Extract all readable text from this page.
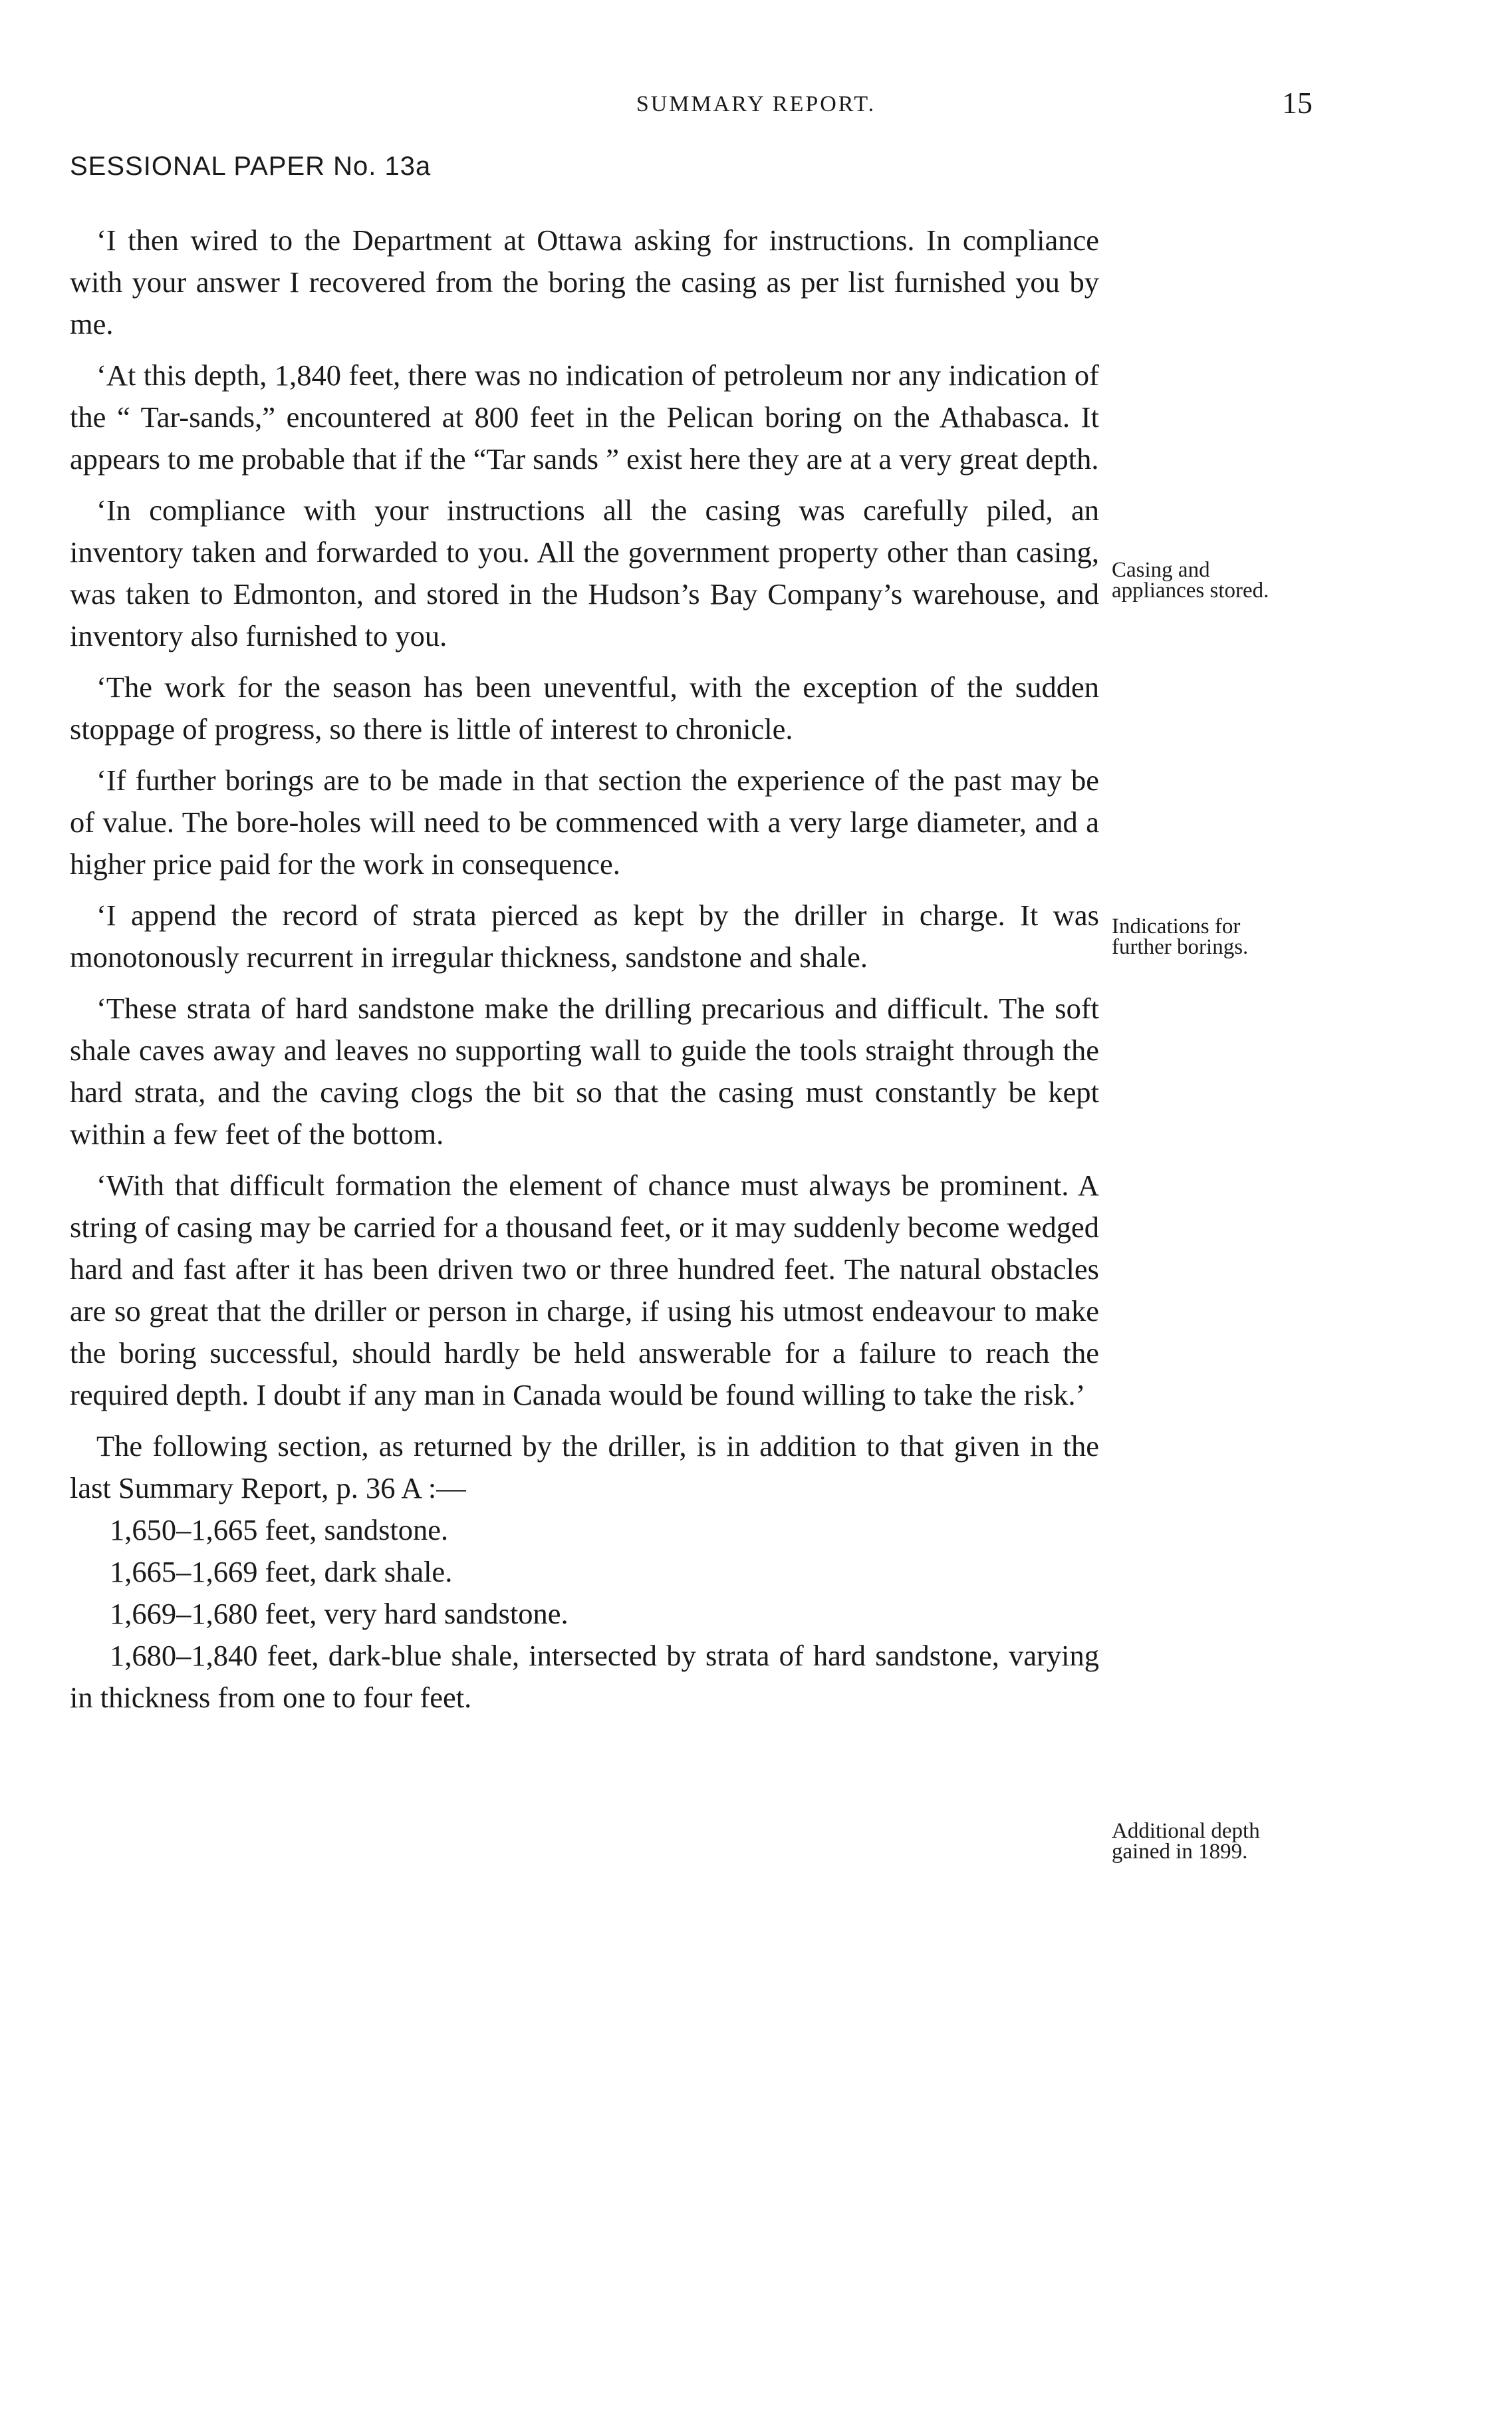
SUMMARY REPORT.	15
SESSIONAL PAPER No. 13a

‘I then wired to the Department at Ottawa asking for instructions. In compliance with your answer I recovered from the boring the casing as per list furnished you by me.

‘At this depth, 1,840 feet, there was no indication of petroleum nor any indication of the “ Tar-sands,” encountered at 800 feet in the Pelican boring on the Athabasca. It appears to me probable that if the “Tar sands ” exist here they are at a very great depth.

‘In compliance with your instructions all the casing was carefully piled, an inventory taken and forwarded to you. All the government property other than casing, was taken to Edmonton, and stored in the Hudson’s Bay Company’s warehouse, and inventory also furnished to you.

‘The work for the season has been uneventful, with the exception of the sudden stoppage of progress, so there is little of interest to chronicle.

‘If further borings are to be made in that section the experience of the past may be of value. The bore-holes will need to be commenced with a very large diameter, and a higher price paid for the work in consequence.

‘I append the record of strata pierced as kept by the driller in charge. It was monotonously recurrent in irregular thickness, sandstone and shale.

‘These strata of hard sandstone make the drilling precarious and difficult. The soft shale caves away and leaves no supporting wall to guide the tools straight through the hard strata, and the caving clogs the bit so that the casing must constantly be kept within a few feet of the bottom.

‘With that difficult formation the element of chance must always be prominent. A string of casing may be carried for a thousand feet, or it may suddenly become wedged hard and fast after it has been driven two or three hundred feet. The natural obstacles are so great that the driller or person in charge, if using his utmost endeavour to make the boring successful, should hardly be held answerable for a failure to reach the required depth. I doubt if any man in Canada would be found willing to take the risk.’

The following section, as returned by the driller, is in addition to that given in the last Summary Report, p. 36 A :—

1,650–1,665 feet, sandstone.

1,665–1,669 feet, dark shale.

1,669–1,680 feet, very hard sandstone.

1,680–1,840 feet, dark-blue shale, intersected by strata of hard sandstone, varying in thickness from one to four feet.

Casing and appliances stored.
Indications for further borings.
Additional depth gained in 1899.
